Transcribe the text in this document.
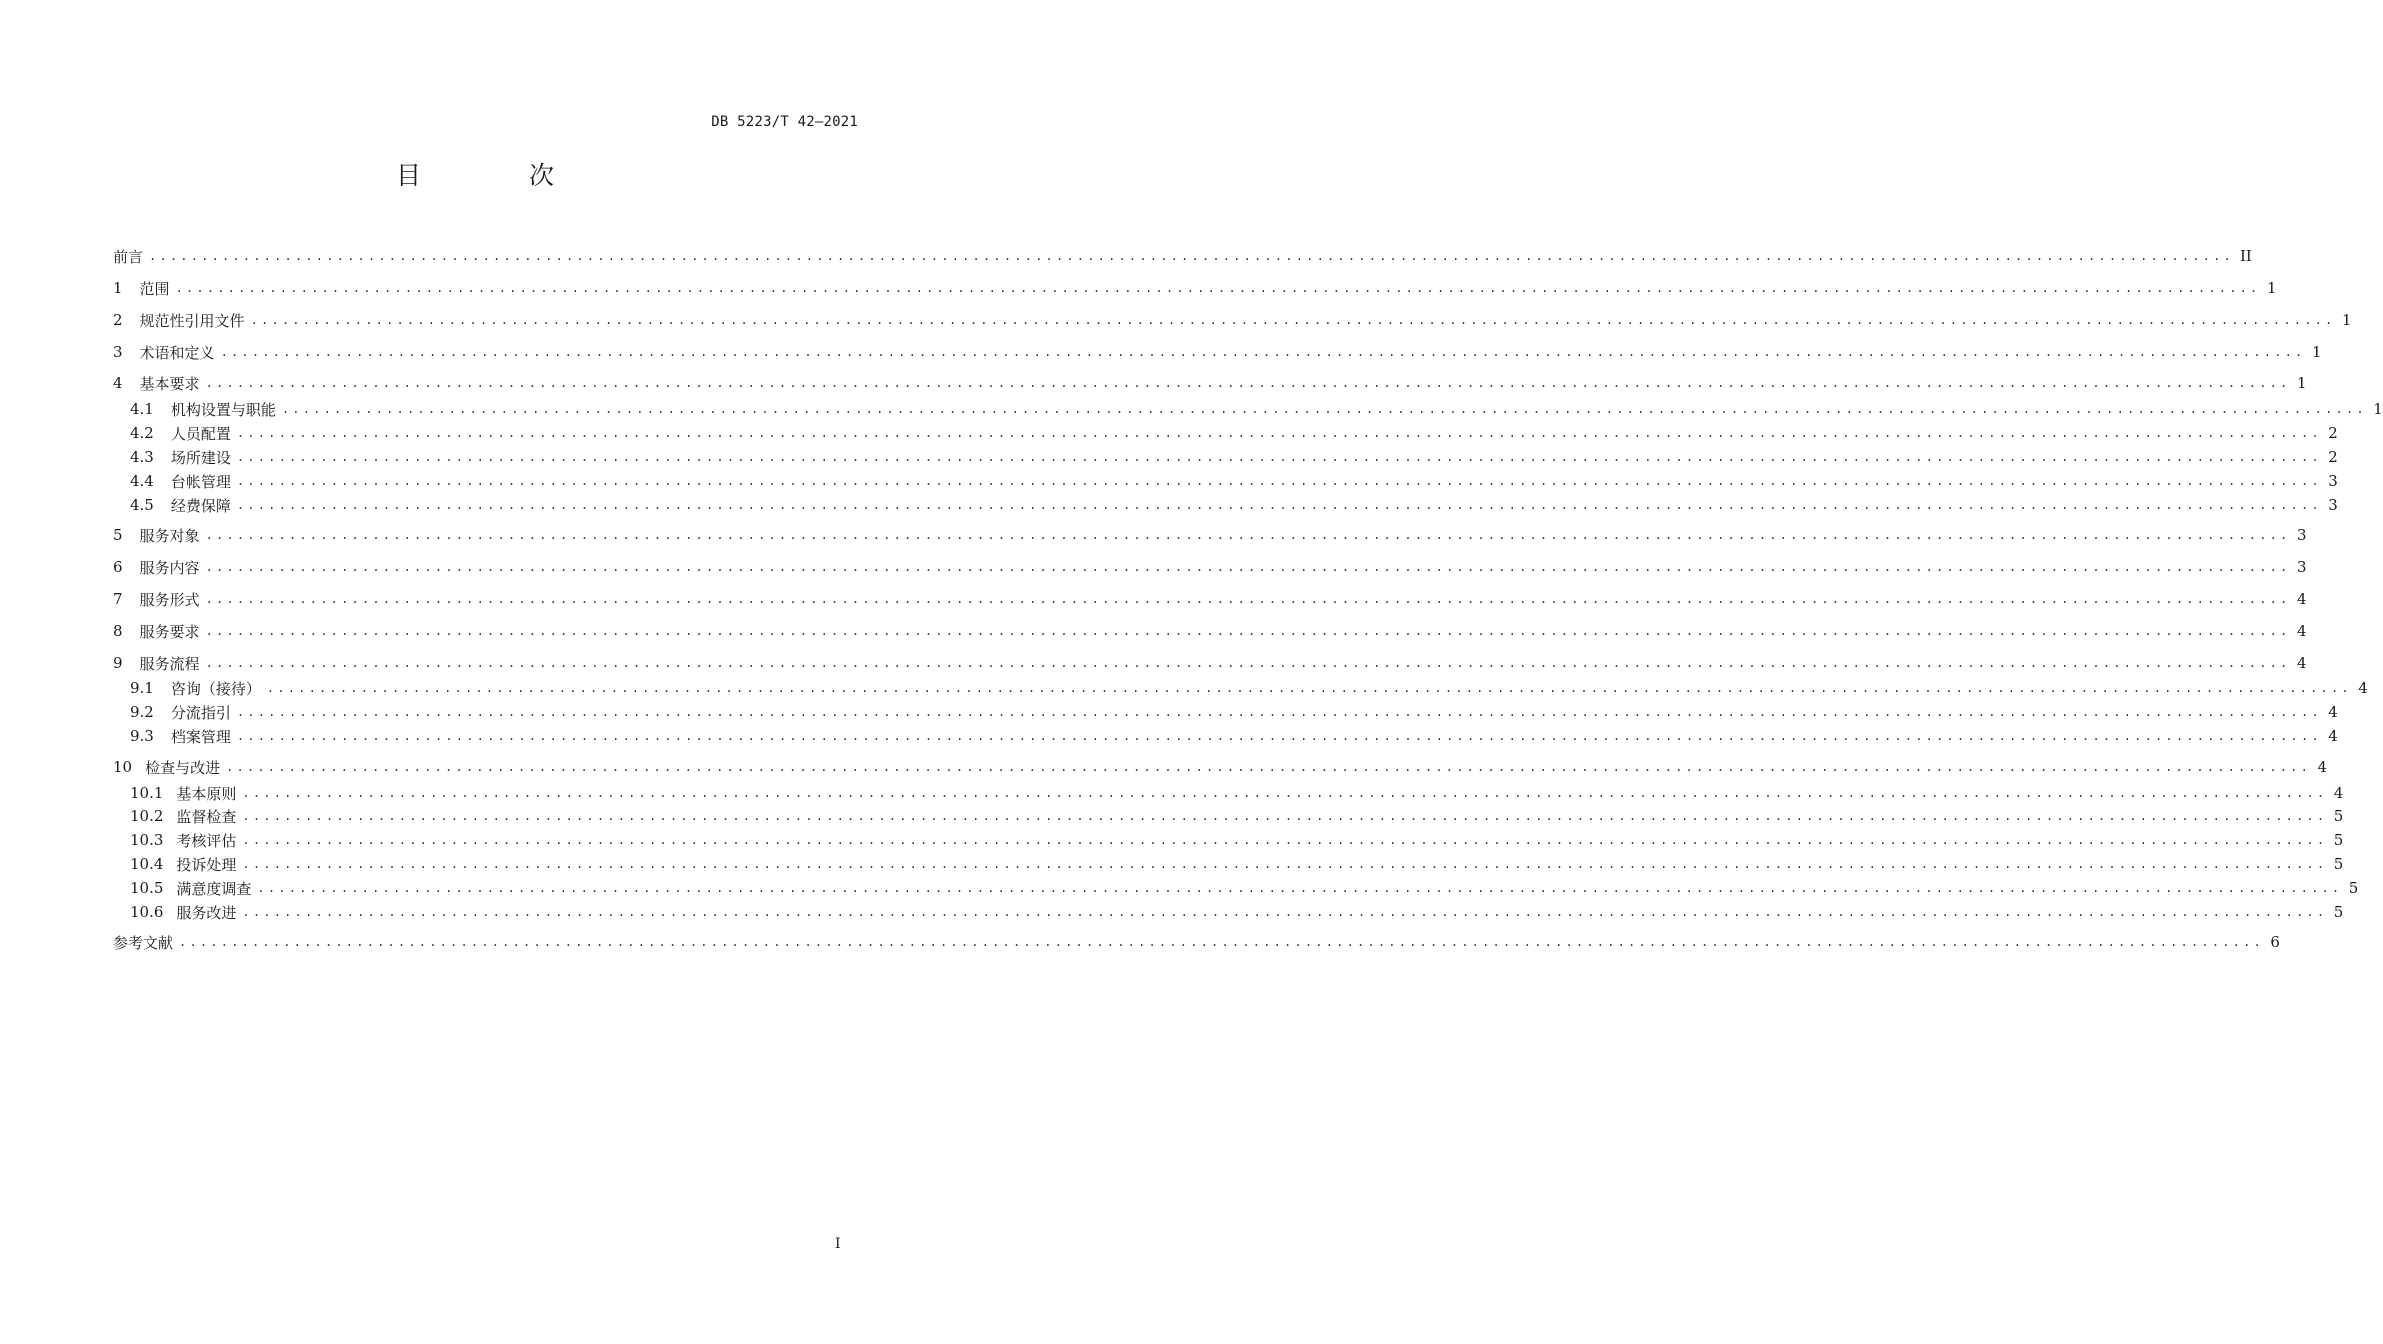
DB 5223/T 42—2021
目 次
前言 ........................................................................................................................................................................................................ II
1 范围 ........................................................................................................................................................................................................ 1
2 规范性引用文件 ........................................................................................................................................................................................................ 1
3 术语和定义 ........................................................................................................................................................................................................ 1
4 基本要求 ........................................................................................................................................................................................................ 1
4.1 机构设置与职能 ........................................................................................................................................................................................................ 1
4.2 人员配置 ........................................................................................................................................................................................................ 2
4.3 场所建设 ........................................................................................................................................................................................................ 2
4.4 台帐管理 ........................................................................................................................................................................................................ 3
4.5 经费保障 ........................................................................................................................................................................................................ 3
5 服务对象 ........................................................................................................................................................................................................ 3
6 服务内容 ........................................................................................................................................................................................................ 3
7 服务形式 ........................................................................................................................................................................................................ 4
8 服务要求 ........................................................................................................................................................................................................ 4
9 服务流程 ........................................................................................................................................................................................................ 4
9.1 咨询（接待） ........................................................................................................................................................................................................ 4
9.2 分流指引 ........................................................................................................................................................................................................ 4
9.3 档案管理 ........................................................................................................................................................................................................ 4
10 检查与改进 ........................................................................................................................................................................................................ 4
10.1 基本原则 ........................................................................................................................................................................................................ 4
10.2 监督检查 ........................................................................................................................................................................................................ 5
10.3 考核评估 ........................................................................................................................................................................................................ 5
10.4 投诉处理 ........................................................................................................................................................................................................ 5
10.5 满意度调查 ........................................................................................................................................................................................................ 5
10.6 服务改进 ........................................................................................................................................................................................................ 5
参考文献 ........................................................................................................................................................................................................ 6
I
